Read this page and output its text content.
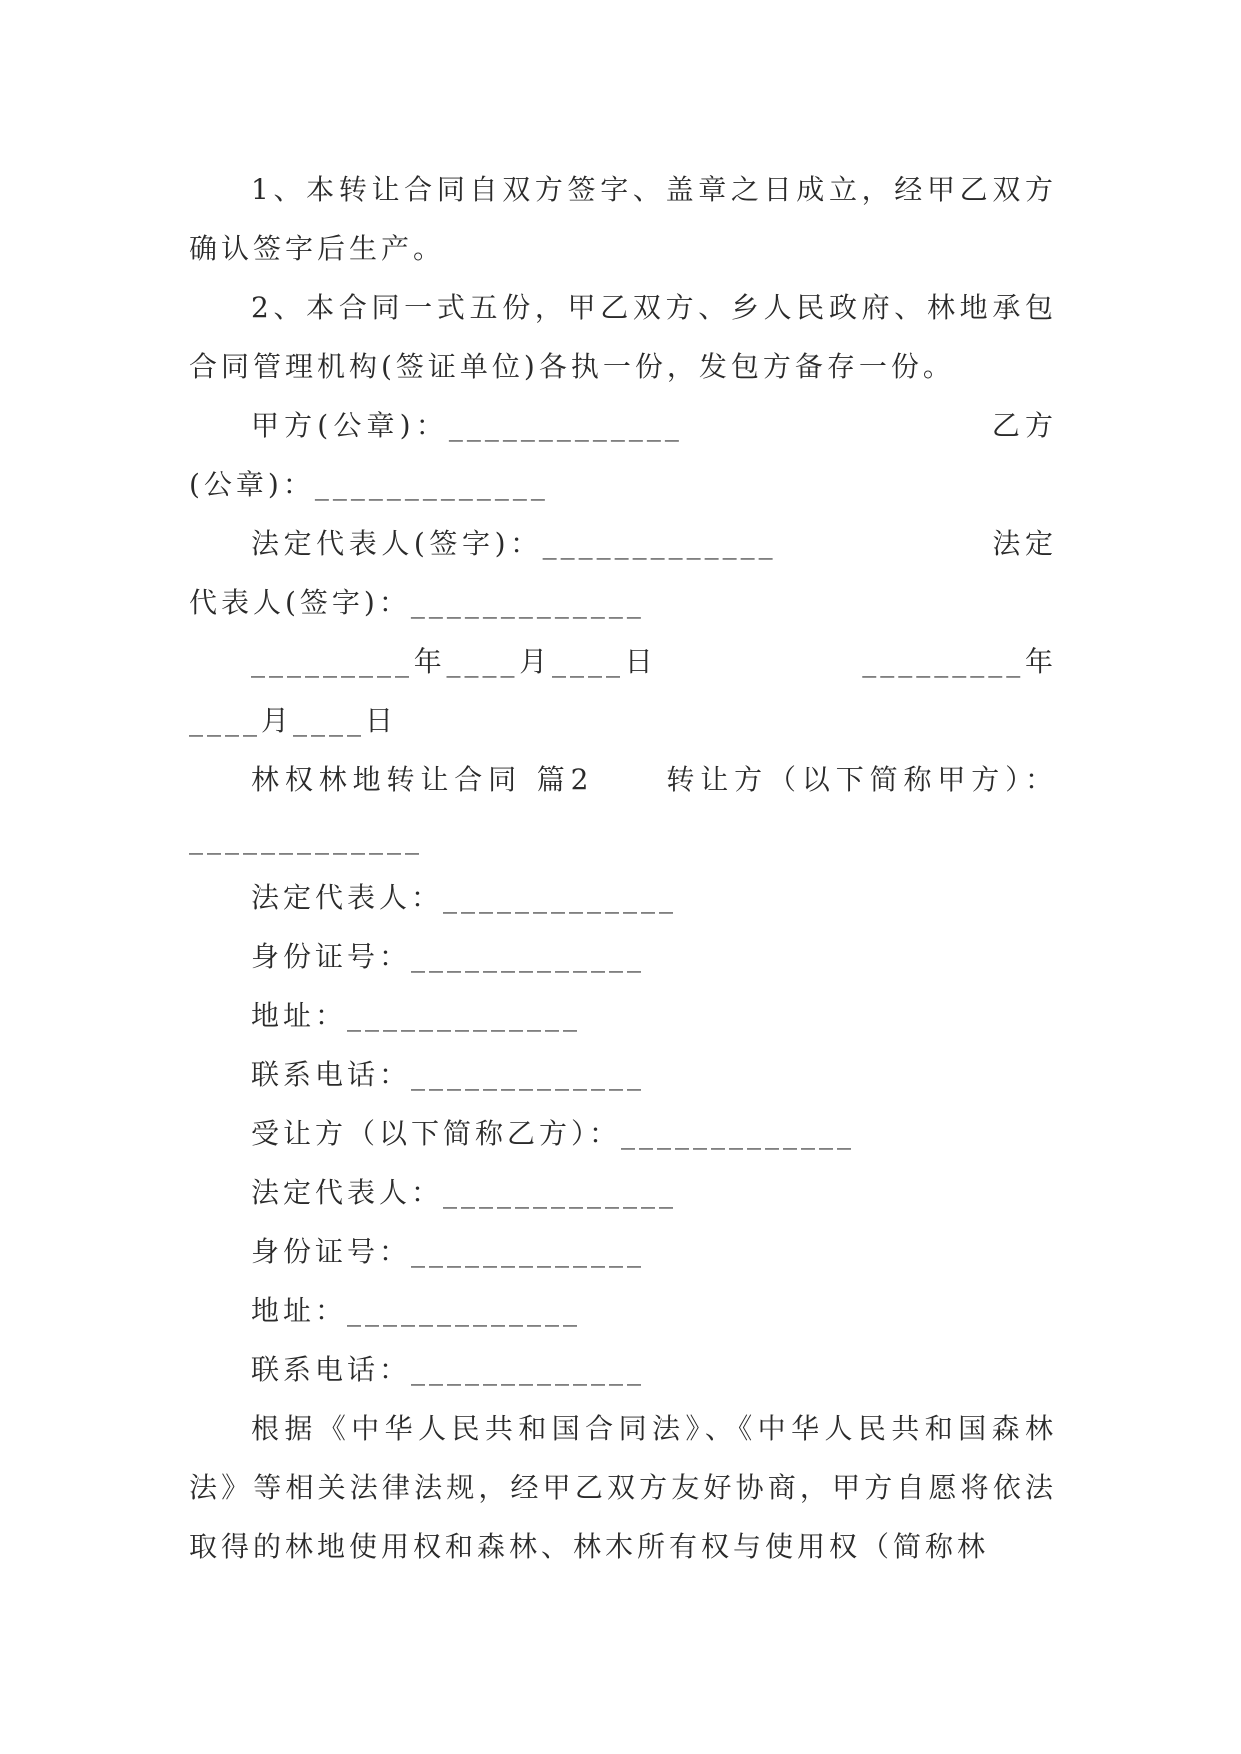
1、本转让合同自双方签字、盖章之日成立，经甲乙双方确认签字后生产。

2、本合同一式五份，甲乙双方、乡人民政府、林地承包合同管理机构(签证单位)各执一份，发包方备存一份。

甲方(公章)：_____________                      乙方(公章)：_____________

法定代表人(签字)：_____________                法定代表人(签字)：_____________

_________年____月____日               _________年____月____日

林权林地转让合同 篇2     转让方（以下简称甲方）：_____________

法定代表人：_____________

身份证号：_____________

地址：_____________

联系电话：_____________

受让方（以下简称乙方）：_____________

法定代表人：_____________

身份证号：_____________

地址：_____________

联系电话：_____________

根据《中华人民共和国合同法》、《中华人民共和国森林法》等相关法律法规，经甲乙双方友好协商，甲方自愿将依法取得的林地使用权和森林、林木所有权与使用权（简称林
